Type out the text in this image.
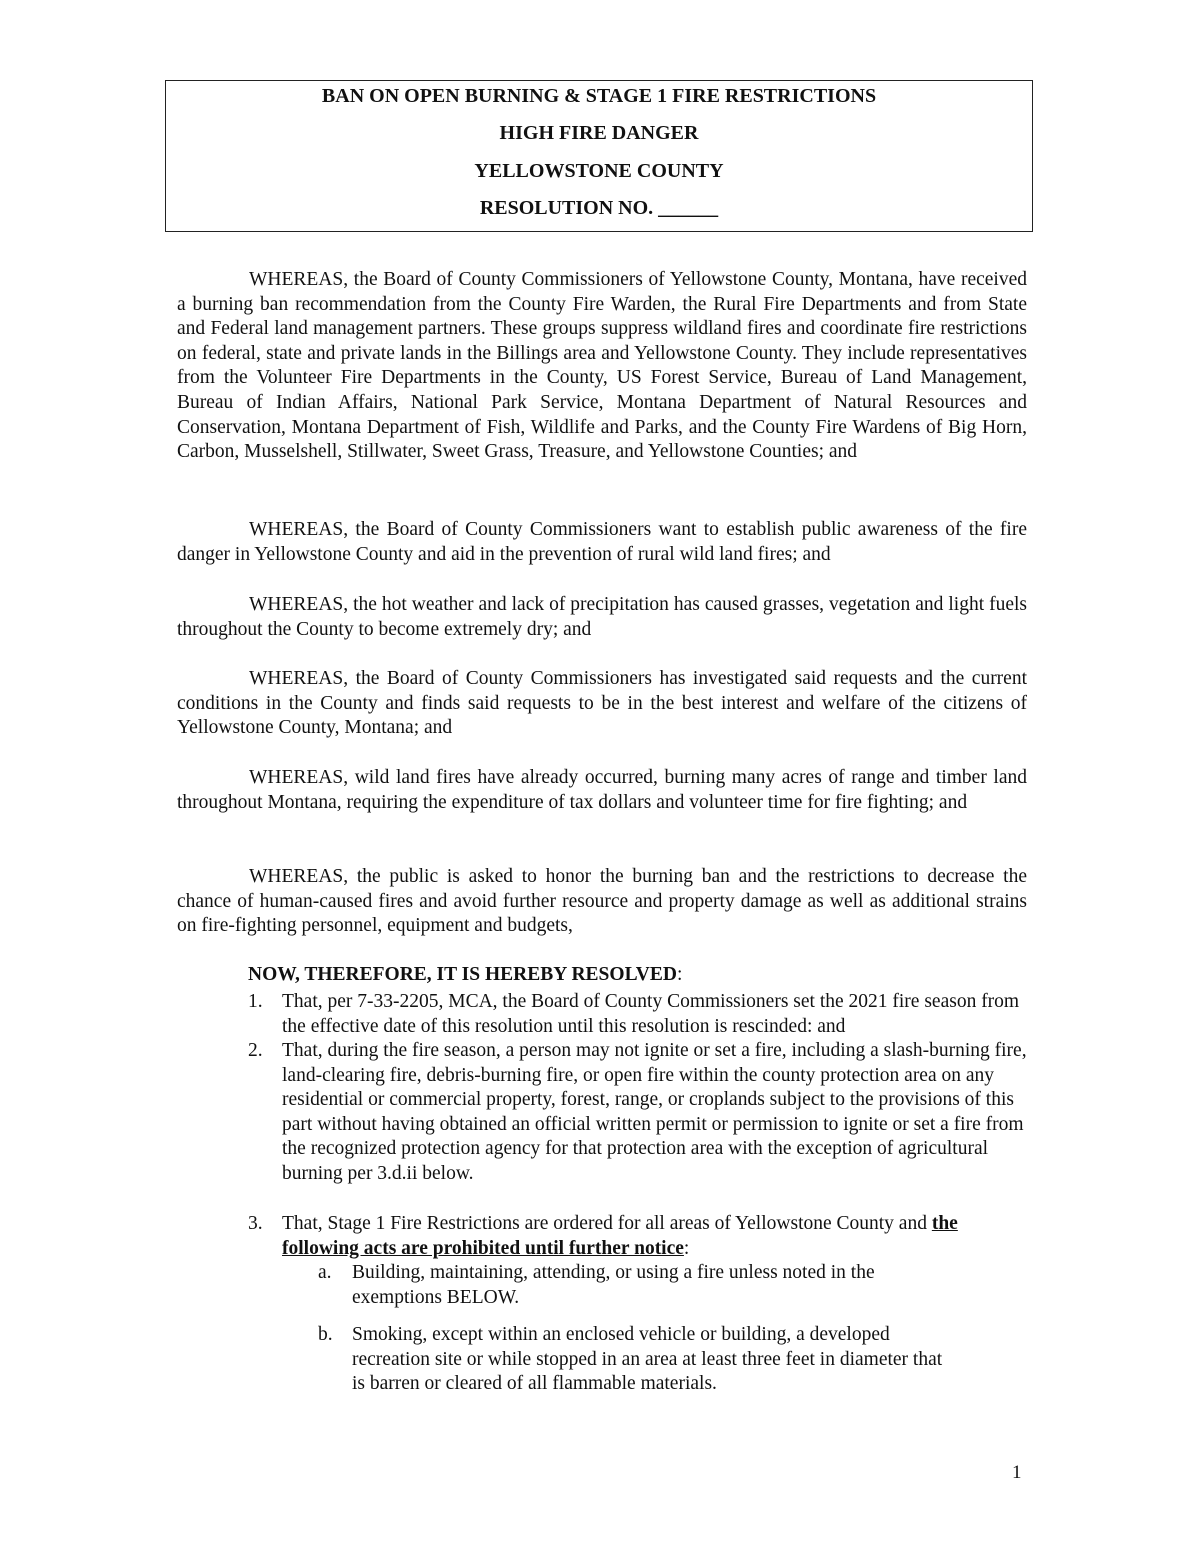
BAN ON OPEN BURNING & STAGE 1 FIRE RESTRICTIONS
HIGH FIRE DANGER
YELLOWSTONE COUNTY
RESOLUTION NO. ______

WHEREAS, the Board of County Commissioners of Yellowstone County, Montana, have received a burning ban recommendation from the County Fire Warden, the Rural Fire Departments and from State and Federal land management partners. These groups suppress wildland fires and coordinate fire restrictions on federal, state and private lands in the Billings area and Yellowstone County. They include representatives from the Volunteer Fire Departments in the County, US Forest Service, Bureau of Land Management, Bureau of Indian Affairs, National Park Service, Montana Department of Natural Resources and Conservation, Montana Department of Fish, Wildlife and Parks, and the County Fire Wardens of Big Horn, Carbon, Musselshell, Stillwater, Sweet Grass, Treasure, and Yellowstone Counties; and

WHEREAS, the Board of County Commissioners want to establish public awareness of the fire danger in Yellowstone County and aid in the prevention of rural wild land fires; and

WHEREAS, the hot weather and lack of precipitation has caused grasses, vegetation and light fuels throughout the County to become extremely dry; and

WHEREAS, the Board of County Commissioners has investigated said requests and the current conditions in the County and finds said requests to be in the best interest and welfare of the citizens of Yellowstone County, Montana; and

WHEREAS, wild land fires have already occurred, burning many acres of range and timber land throughout Montana, requiring the expenditure of tax dollars and volunteer time for fire fighting; and

WHEREAS, the public is asked to honor the burning ban and the restrictions to decrease the chance of human-caused fires and avoid further resource and property damage as well as additional strains on fire-fighting personnel, equipment and budgets,

NOW, THEREFORE, IT IS HEREBY RESOLVED:
1. That, per 7-33-2205, MCA, the Board of County Commissioners set the 2021 fire season from the effective date of this resolution until this resolution is rescinded: and
2. That, during the fire season, a person may not ignite or set a fire, including a slash-burning fire, land-clearing fire, debris-burning fire, or open fire within the county protection area on any residential or commercial property, forest, range, or croplands subject to the provisions of this part without having obtained an official written permit or permission to ignite or set a fire from the recognized protection agency for that protection area with the exception of agricultural burning per 3.d.ii below.
3. That, Stage 1 Fire Restrictions are ordered for all areas of Yellowstone County and the following acts are prohibited until further notice:
a. Building, maintaining, attending, or using a fire unless noted in the exemptions BELOW.
b. Smoking, except within an enclosed vehicle or building, a developed recreation site or while stopped in an area at least three feet in diameter that is barren or cleared of all flammable materials.
1
